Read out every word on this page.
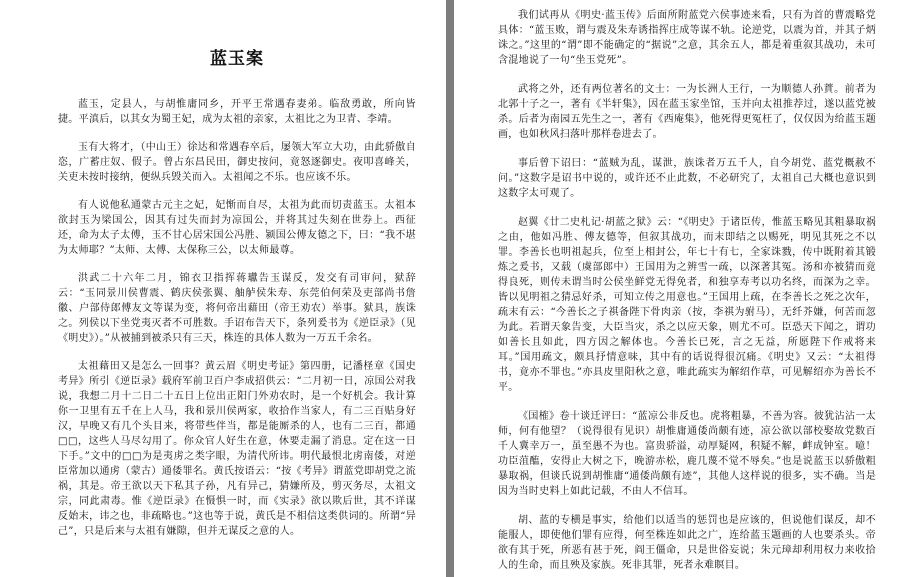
蓝玉案

蓝玉，定县人，与胡惟庸同乡，开平王常遇春妻弟。临敌勇敢，所向皆捷。平滇后，以其女为蜀王妃，成为太祖的亲家，太祖比之为卫青、李靖。

玉有大将才，（中山王）徐达和常遇春卒后，屡领大军立大功，由此骄傲自恣，广蓄庄奴、假子。曾占东昌民田，御史按问，竟怒逐御史。夜叩喜峰关，关吏未按时接纳，便纵兵毁关而入。太祖闻之不乐。也应该不乐。

有人说他私通蒙古元主之妃，妃惭而自尽，太祖为此而切责蓝玉。太祖本欲封玉为梁国公，因其有过失而封为凉国公，并将其过失刻在世券上。西征还，命为太子太傅，玉不甘心居宋国公冯胜、颍国公傅友德之下，曰：“我不堪为太师耶？”太师、太傅、太保称三公，以太师最尊。

洪武二十六年二月，锦衣卫指挥蒋瓛告玉谋反，发交有司审问，狱辞云：“玉同景川侯曹震、鹤庆侯张翼、舳舻侯朱寿、东莞伯何荣及吏部尚书詹徽、户部侍郎傅友文等谋为变，将何帝出藉田（帝王劝农）举事。狱具，族诛之。列侯以下坐党夷灭者不可胜数。手诏布告天下，条列爰书为《逆臣录》（见《明史》）。”从被捕到被杀只有三天，株连的具体人数为一万五千余名。

太祖藉田又是怎么一回事？黄云眉《明史考证》第四册，记潘柽章《国史考异》所引《逆臣录》载府军前卫百户李成招供云：“二月初一日，凉国公对我说，我想二月十二日二十五日上位出正阳门外劝农时，是一个好机会。我计算你一卫里有五千在上人马，我和景川侯两家，收拾作当家人，有二三百贴身好汉，早晚又有几个头目来，将带些伴当，都是能厮杀的人，也有二三百，都通□□，这些人马尽勾用了。你众官人好生在意，休要走漏了消息。定在这一日下手。”文中的□□为是夷虏之类字眼，为清代所讳。明代最恨北虏南倭，对逆臣常加以通虏（蒙古）通倭罪名。黄氏按语云：“按《考异》谓蓝党即胡党之流祸，其是。帝王欲以天下私其子孙，凡有异己，猜嫌所及，剪灭务尽，太祖文宗，同此肃毒。惟《逆臣录》在慑惧一时，而《实录》欲以欺后世，其不详谋反始末，讳之也，非疏略也。”这也等于说，黄氏是不相信这类供词的。所谓“异己”，只是后来与太祖有嫌隙，但并无谋反之意的人。

我们试再从《明史·蓝玉传》后面所附蓝党六侯事迹来看，只有为首的曹震略党具体：“蓝玉败，谓与震及朱寿诱指挥庄成等谋不轨。论逆党，以震为首，并其子炳诛之。”这里的“谓”即不能确定的“据说”之意，其余五人，都是着重叙其战功，未可含混地说了一句“坐玉党死”。

武将之外，还有两位著名的文士：一为长洲人王行，一为顺德人孙蕡。前者为北郭十子之一，著有《半轩集》，因在蓝玉家坐馆，玉并向太祖推荐过，遂以蓝党被杀。后者为南园五先生之一，著有《西庵集》，他死得更冤枉了，仅仅因为给蓝玉题画，也如秋风扫落叶那样卷进去了。

事后曾下诏曰：“蓝贼为乱，谋泄，族诛者万五千人，自今胡党、蓝党概赦不问。”这数字是诏书中说的，或许还不止此数，不必研究了，太祖自己大概也意识到这数字太可观了。

赵翼《廿二史札记·胡蓝之狱》云：“《明史》于诸臣传，惟蓝玉略见其粗暴取祸之由，他如冯胜、傅友德等，但叙其战功，而末即结之以赐死，明见其死之不以罪。李善长也明祖起兵，位至上相封公，年七十有七，全家诛戮，传中既附着其锻炼之爰书，又载（虞部郎中）王国用为之辨雪一疏，以深著其冤。汤和亦被猜而竟得良死，则传未谓当时公侯坐鲜党无得免者，和独享寿考以功名终，而深为之幸。皆以见明祖之猜忌好杀，可知立传之用意也。”王国用上疏，在李善长之死之次年，疏末有云：“今善长之子祺备陛下骨肉亲（按，李祺为驸马），无纤芥嫌，何苦而忽为此。若谓天象告变，大臣当灾，杀之以应天象，则尤不可。臣恐天下闻之，谓功如善长且如此，四方因之解体也。今善长已死，言之无益，所愿陛下作戒将来耳。”国用疏文，颇具抒情意味，其中有的话说得很沉痛。《明史》又云：“太祖得书，竟亦不罪也。”亦具皮里阳秋之意，唯此疏实为解绍作草，可见解绍亦为善长不平。

《国榷》卷十谈迁评曰：“蓝凉公非反也。虎将粗暴，不善为容。彼犹沾沾一太师，何有他望？（说得很有见识）胡惟庸通倭尚颇有迹，凉公欲以部校娶故党数百千人冀幸万一，虽至愚不为也。富贵骄溢，动厚疑网，积疑不解，衅成钟室。噫！功臣菹醢，安得止大树之下，晚游赤松，鹿几蔑不觉不辱矣。”也是说蓝玉以骄傲粗暴取祸，但谈氏说到胡惟庸“通倭尚颇有迹”，其他人这样说的很多，实不确。当是因为当时史料上如此记载，不由人不信耳。

胡、蓝的专横是事实，给他们以适当的惩罚也是应该的，但说他们谋反，却不能服人，即使他们罪有应得，何至株连如此之广，连给蓝玉题画的人也要杀头。帝欲有其于死，所恶有甚于死，阎王僵命，只是世俗妄说；朱元璋却利用权力来收拾人的生命，而且殃及家族。死非其罪，死者永难瞑目。
